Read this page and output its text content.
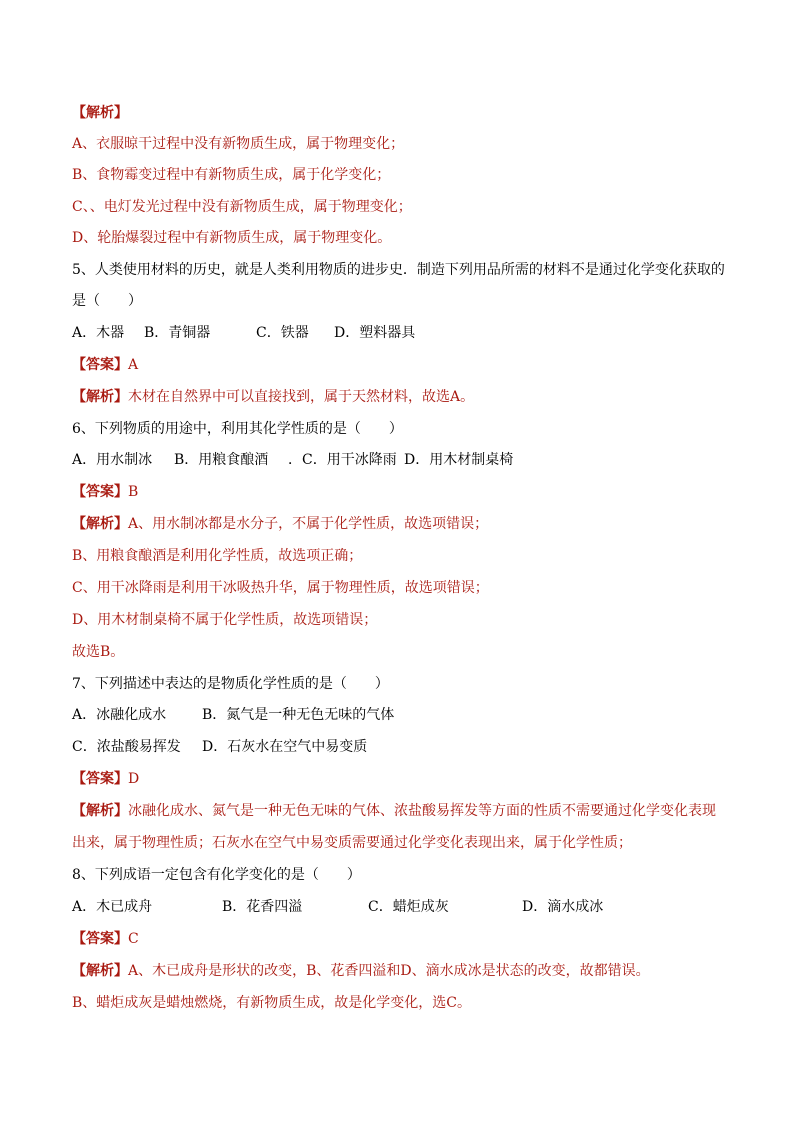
【解析】
A、衣服晾干过程中没有新物质生成，属于物理变化；
B、食物霉变过程中有新物质生成，属于化学变化；
C、、电灯发光过程中没有新物质生成，属于物理变化；
D、轮胎爆裂过程中有新物质生成，属于物理变化。
5、人类使用材料的历史，就是人类利用物质的进步史．制造下列用品所需的材料不是通过化学变化获取的
是（　　）
A．木器	B．青铜器	C．铁器	D．塑料器具
【答案】A
【解析】木材在自然界中可以直接找到，属于天然材料，故选A。
6、下列物质的用途中，利用其化学性质的是（　　）
A．用水制冰	B．用粮食酿酒	．C．用干冰降雨 D．用木材制桌椅
【答案】B
【解析】A、用水制冰都是水分子，不属于化学性质，故选项错误；
B、用粮食酿酒是利用化学性质，故选项正确；
C、用干冰降雨是利用干冰吸热升华，属于物理性质，故选项错误；
D、用木材制桌椅不属于化学性质，故选项错误；
故选B。
7、下列描述中表达的是物质化学性质的是（　　）
A．冰融化成水	B．氮气是一种无色无味的气体
C．浓盐酸易挥发	D．石灰水在空气中易变质
【答案】D
【解析】冰融化成水、氮气是一种无色无味的气体、浓盐酸易挥发等方面的性质不需要通过化学变化表现
出来，属于物理性质；石灰水在空气中易变质需要通过化学变化表现出来，属于化学性质；
8、下列成语一定包含有化学变化的是（　　）
A．木已成舟	B．花香四溢	C．蜡炬成灰	D．滴水成冰
【答案】C
【解析】A、木已成舟是形状的改变，B、花香四溢和D、滴水成冰是状态的改变，故都错误。
B、蜡炬成灰是蜡烛燃烧，有新物质生成，故是化学变化，选C。
